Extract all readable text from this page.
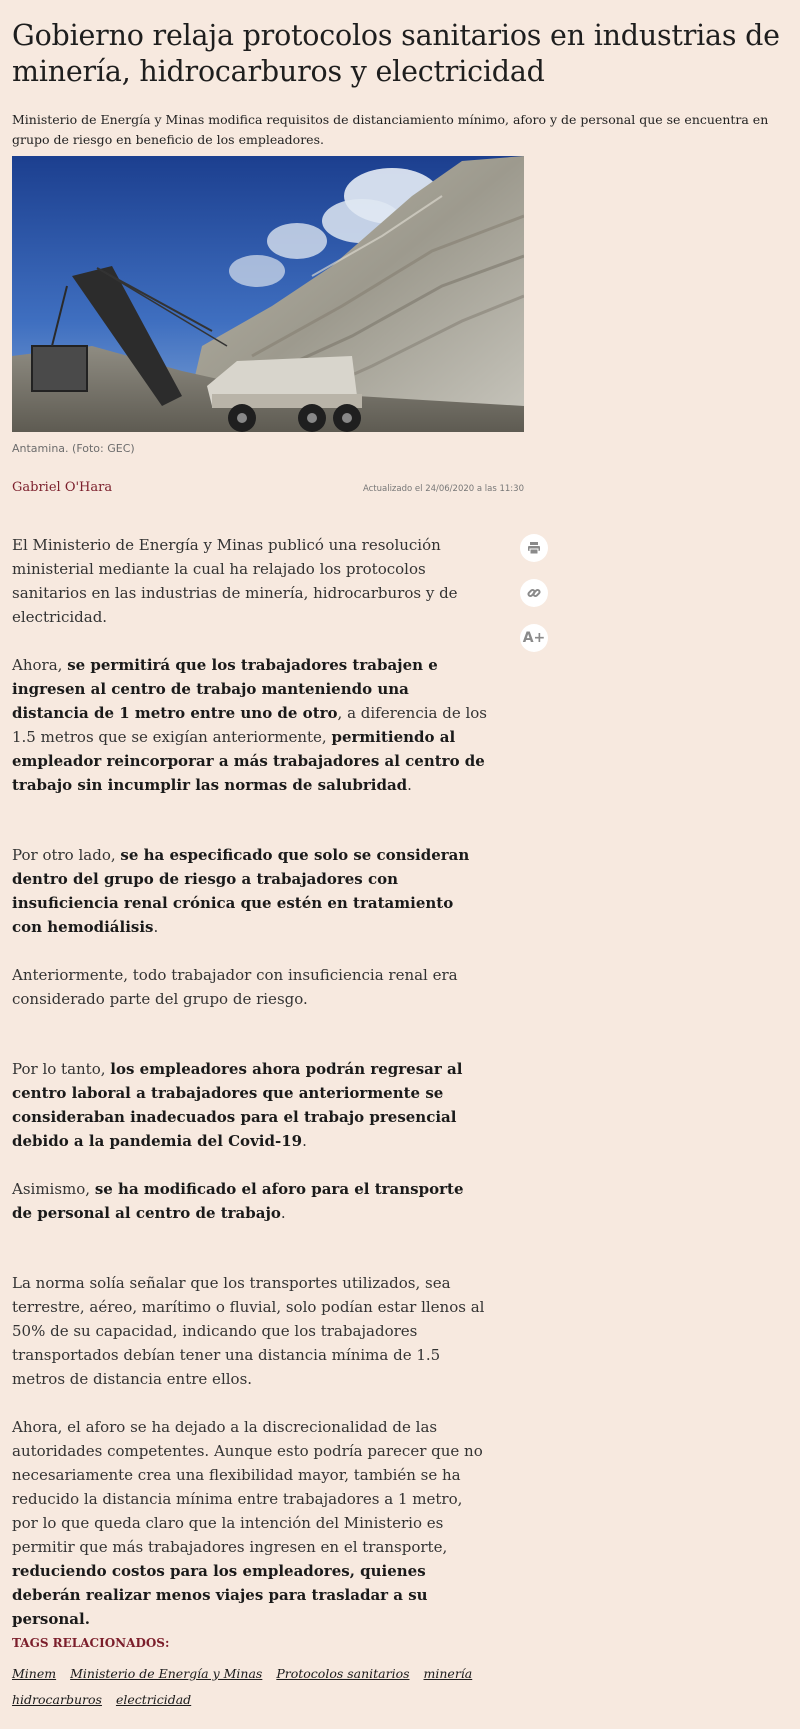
Gobierno relaja protocolos sanitarios en industrias de minería, hidrocarburos y electricidad

Ministerio de Energía y Minas modifica requisitos de distanciamiento mínimo, aforo y de personal que se encuentra en grupo de riesgo en beneficio de los empleadores.

Antamina. (Foto: GEC)
Gabriel O'Hara	Actualizado el 24/06/2020 a las 11:30
A+

El Ministerio de Energía y Minas publicó una resolución ministerial mediante la cual ha relajado los protocolos sanitarios en las industrias de minería, hidrocarburos y de electricidad.

Ahora, se permitirá que los trabajadores trabajen e ingresen al centro de trabajo manteniendo una distancia de 1 metro entre uno de otro, a diferencia de los 1.5 metros que se exigían anteriormente, permitiendo al empleador reincorporar a más trabajadores al centro de trabajo sin incumplir las normas de salubridad.

Por otro lado, se ha especificado que solo se consideran dentro del grupo de riesgo a trabajadores con insuficiencia renal crónica que estén en tratamiento con hemodiálisis.

Anteriormente, todo trabajador con insuficiencia renal era considerado parte del grupo de riesgo.

Por lo tanto, los empleadores ahora podrán regresar al centro laboral a trabajadores que anteriormente se consideraban inadecuados para el trabajo presencial debido a la pandemia del Covid-19.

Asimismo, se ha modificado el aforo para el transporte de personal al centro de trabajo.

La norma solía señalar que los transportes utilizados, sea terrestre, aéreo, marítimo o fluvial, solo podían estar llenos al 50% de su capacidad, indicando que los trabajadores transportados debían tener una distancia mínima de 1.5 metros de distancia entre ellos.

Ahora, el aforo se ha dejado a la discrecionalidad de las autoridades competentes. Aunque esto podría parecer que no necesariamente crea una flexibilidad mayor, también se ha reducido la distancia mínima entre trabajadores a 1 metro, por lo que queda claro que la intención del Ministerio es permitir que más trabajadores ingresen en el transporte, reduciendo costos para los empleadores, quienes deberán realizar menos viajes para trasladar a su personal.

TAGS RELACIONADOS:
Minem Ministerio de Energía y Minas Protocolos sanitarios minería hidrocarburos electricidad
